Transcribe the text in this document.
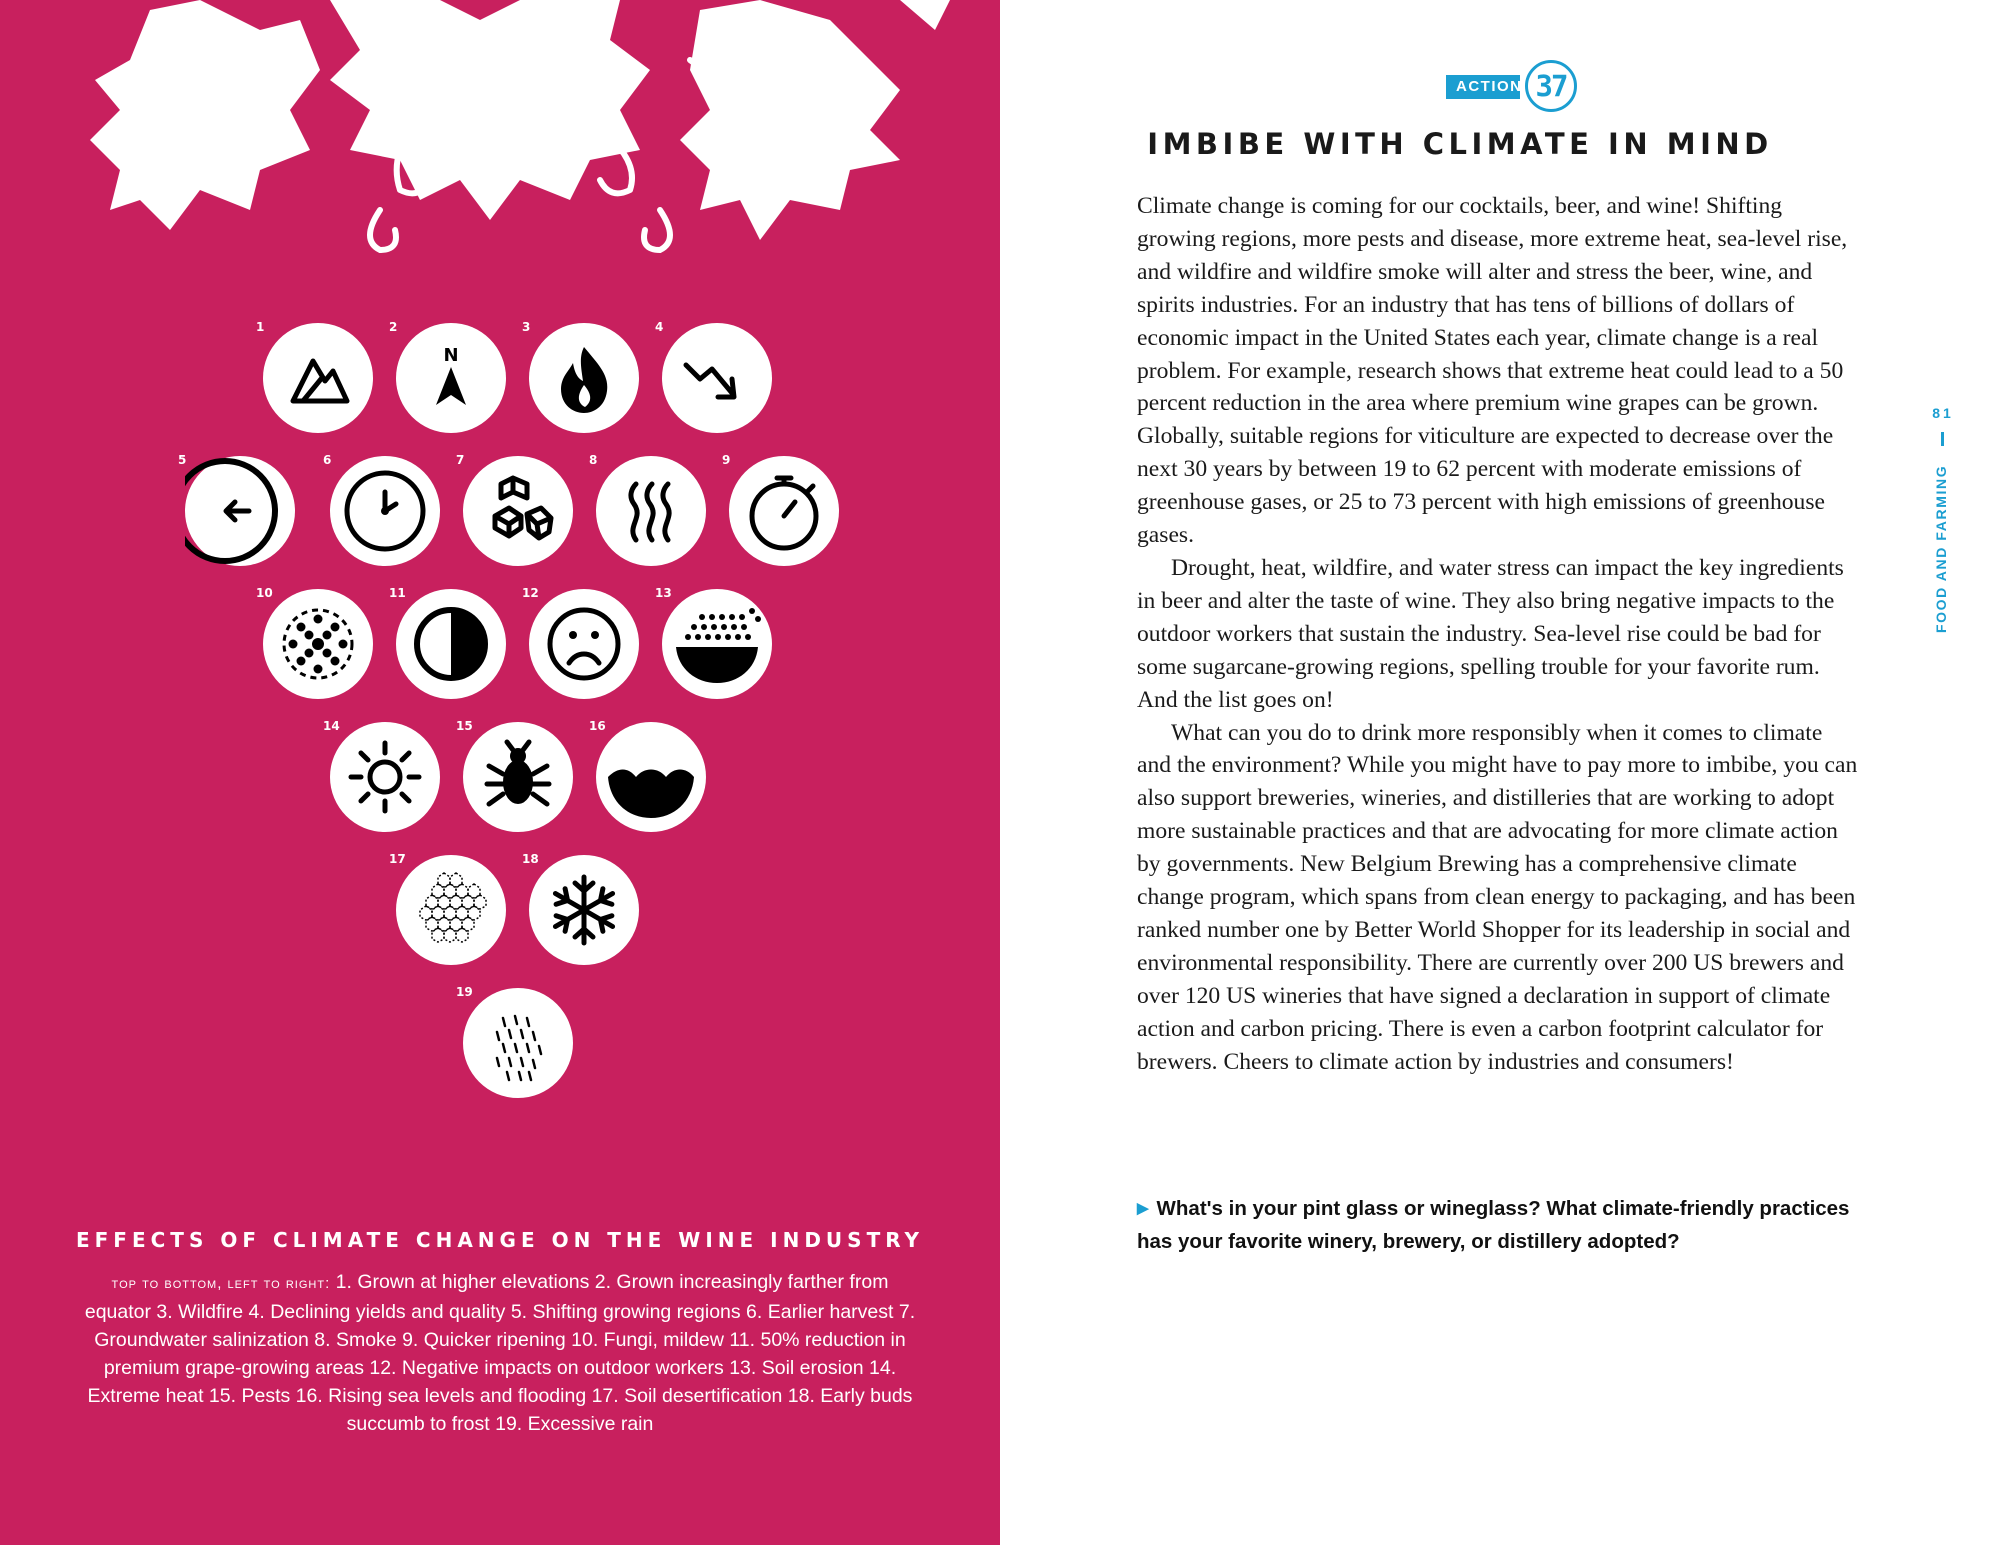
1
N
2	3	4
5	6	7	8	9
10	11	12	13
14	15	16
17	18
19
EFFECTS OF CLIMATE CHANGE ON THE WINE INDUSTRY

top to bottom, left to right: 1. Grown at higher elevations 2. Grown increasingly farther from equator 3. Wildfire 4. Declining yields and quality 5. Shifting growing regions 6. Earlier harvest 7. Groundwater salinization 8. Smoke 9. Quicker ripening 10. Fungi, mildew 11. 50% reduction in premium grape-growing areas 12. Negative impacts on outdoor workers 13. Soil erosion 14. Extreme heat 15. Pests 16. Rising sea levels and flooding 17. Soil desertification 18. Early buds succumb to frost 19. Excessive rain

ACTION 37
IMBIBE WITH CLIMATE IN MIND

Climate change is coming for our cocktails, beer, and wine! Shifting growing regions, more pests and disease, more extreme heat, sea-level rise, and wildfire and wildfire smoke will alter and stress the beer, wine, and spirits industries. For an industry that has tens of billions of dollars of economic impact in the United States each year, climate change is a real problem. For example, research shows that extreme heat could lead to a 50 percent reduction in the area where premium wine grapes can be grown. Globally, suitable regions for viticulture are expected to decrease over the next 30 years by between 19 to 62 percent with moderate emissions of greenhouse gases, or 25 to 73 percent with high emissions of greenhouse gases.

Drought, heat, wildfire, and water stress can impact the key ingredients in beer and alter the taste of wine. They also bring negative impacts to the outdoor workers that sustain the industry. Sea-level rise could be bad for some sugarcane-growing regions, spelling trouble for your favorite rum. And the list goes on!

What can you do to drink more responsibly when it comes to climate and the environment? While you might have to pay more to imbibe, you can also support breweries, wineries, and distilleries that are working to adopt more sustainable practices and that are advocating for more climate action by governments. New Belgium Brewing has a comprehensive climate change program, which spans from clean energy to packaging, and has been ranked number one by Better World Shopper for its leadership in social and environmental responsibility. There are currently over 200 US brewers and over 120 US wineries that have signed a declaration in support of climate action and carbon pricing. There is even a carbon footprint calculator for brewers. Cheers to climate action by industries and consumers!

▶ What's in your pint glass or wineglass? What climate-friendly practices has your favorite winery, brewery, or distillery adopted?
81
FOOD AND FARMING
